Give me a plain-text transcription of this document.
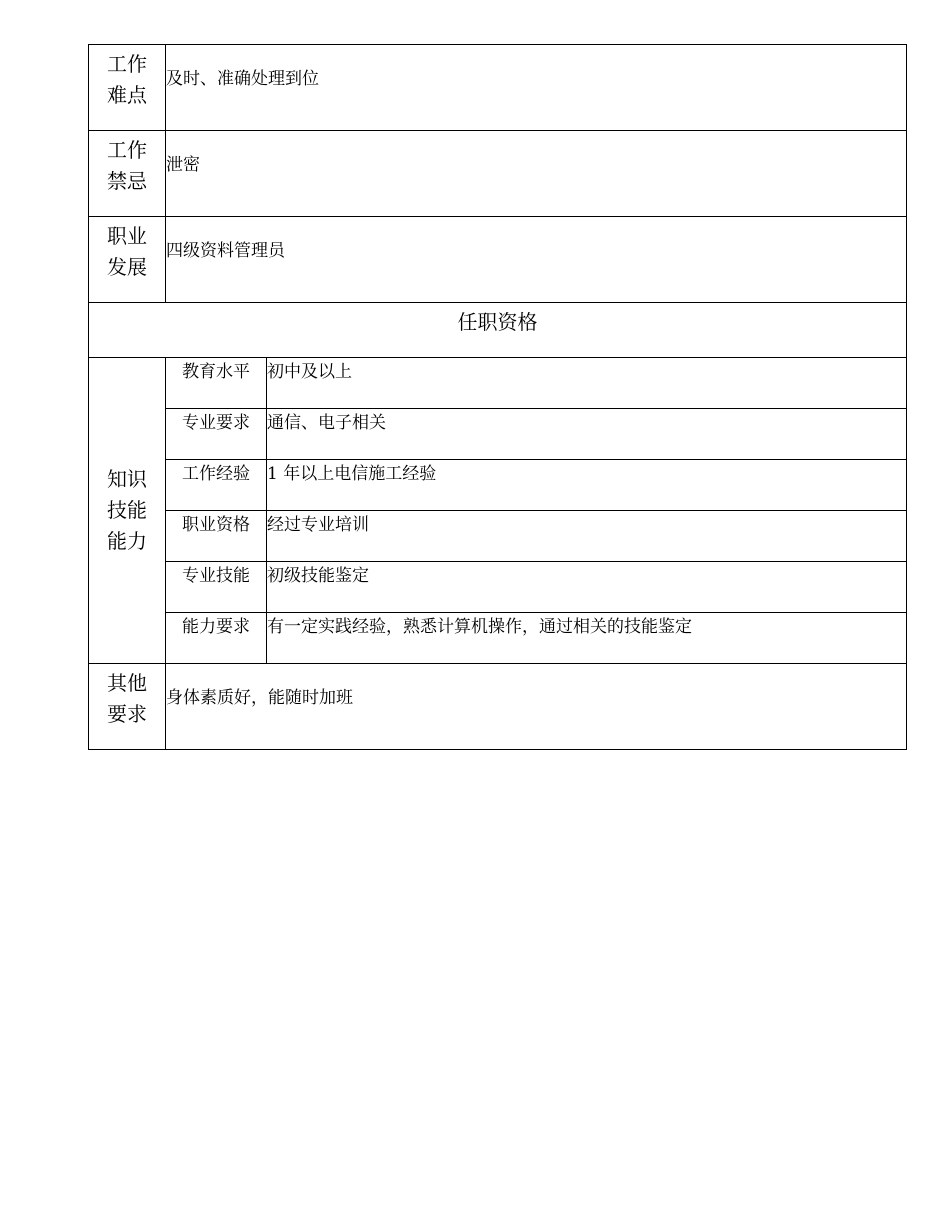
工作
难点	及时、准确处理到位	

工作
禁忌	泄密	

职业
发展	四级资料管理员	
任职资格		

知识
技能
能力	教育水平	初中及以上
	专业要求	通信、电子相关
	工作经验	1 年以上电信施工经验
	职业资格	经过专业培训
	专业技能	初级技能鉴定
	能力要求	有一定实践经验，熟悉计算机操作，通过相关的技能鉴定

其他
要求	身体素质好，能随时加班	
